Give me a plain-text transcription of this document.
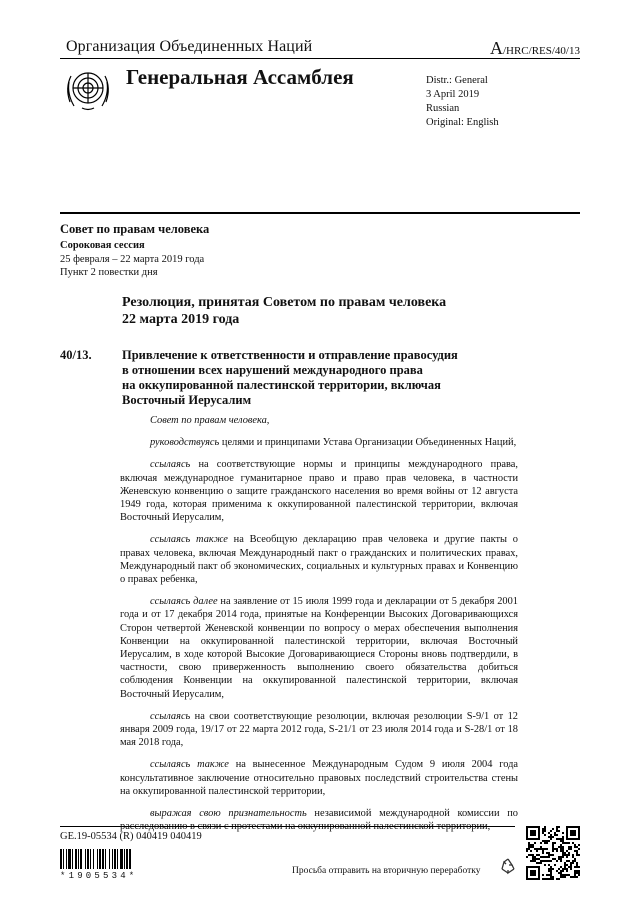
Организация Объединенных Наций	A/HRC/RES/40/13
Генеральная Ассамблея	Distr.: General
3 April 2019
Russian
Original: English
Совет по правам человека
Сороковая сессия
25 февраля – 22 марта 2019 года
Пункт 2 повестки дня
Резолюция, принятая Советом по правам человека
22 марта 2019 года
40/13. Привлечение к ответственности и отправление правосудия
в отношении всех нарушений международного права
на оккупированной палестинской территории, включая
Восточный Иерусалим

Совет по правам человека,

руководствуясь целями и принципами Устава Организации Объединенных Наций,

ссылаясь на соответствующие нормы и принципы международного права, включая международное гуманитарное право и право прав человека, в частности Женевскую конвенцию о защите гражданского населения во время войны от 12 августа 1949 года, которая применима к оккупированной палестинской территории, включая Восточный Иерусалим,

ссылаясь также на Всеобщую декларацию прав человека и другие пакты о правах человека, включая Международный пакт о гражданских и политических правах, Международный пакт об экономических, социальных и культурных правах и Конвенцию о правах ребенка,

ссылаясь далее на заявление от 15 июля 1999 года и декларации от 5 декабря 2001 года и от 17 декабря 2014 года, принятые на Конференции Высоких Договаривающихся Сторон четвертой Женевской конвенции по вопросу о мерах обеспечения выполнения Конвенции на оккупированной палестинской территории, включая Восточный Иерусалим, в ходе которой Высокие Договаривающиеся Стороны вновь подтвердили, в частности, свою приверженность выполнению своего обязательства добиться соблюдения Конвенции на оккупированной палестинской территории, включая Восточный Иерусалим,

ссылаясь на свои соответствующие резолюции, включая резолюции S-9/1 от 12 января 2009 года, 19/17 от 22 марта 2012 года, S-21/1 от 23 июля 2014 года и S-28/1 от 18 мая 2018 года,

ссылаясь также на вынесенное Международным Судом 9 июля 2004 года консультативное заключение относительно правовых последствий строительства стены на оккупированной палестинской территории,

выражая свою признательность независимой международной комиссии по

GE.19-05534 (R) 040419 040419
*1905534*	Просьба отправить на вторичную переработку
